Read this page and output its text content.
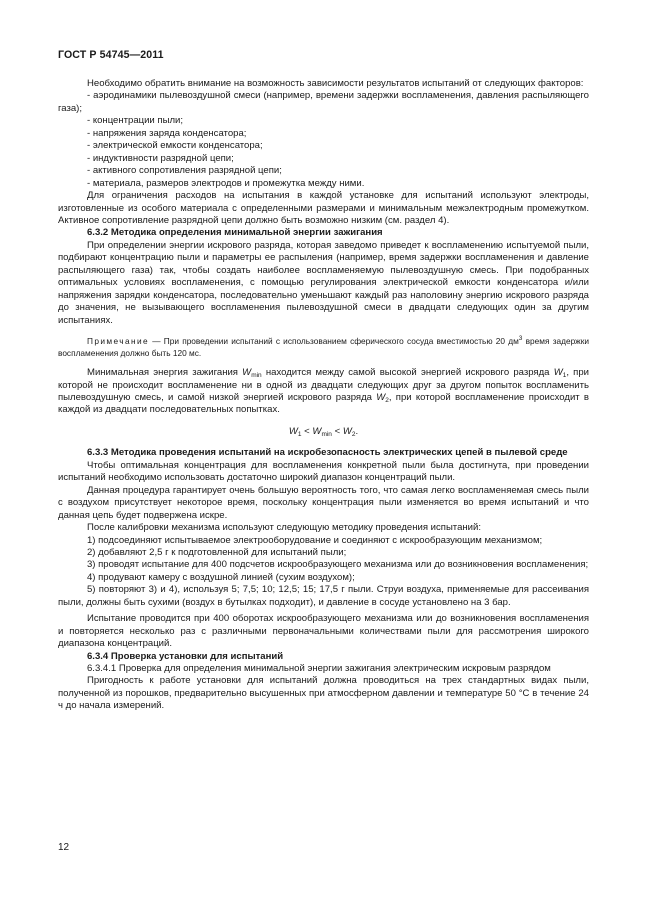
ГОСТ Р 54745—2011

Необходимо обратить внимание на возможность зависимости результатов испытаний от следующих факторов:

- аэродинамики пылевоздушной смеси (например, времени задержки воспламенения, давления распыляющего газа);

- концентрации пыли;

- напряжения заряда конденсатора;

- электрической емкости конденсатора;

- индуктивности разрядной цепи;

- активного сопротивления разрядной цепи;

- материала, размеров электродов и промежутка между ними.

Для ограничения расходов на испытания в каждой установке для испытаний используют электроды, изготовленные из особого материала с определенными размерами и минимальным межэлектродным промежутком. Активное сопротивление разрядной цепи должно быть возможно низким (см. раздел 4).

6.3.2 Методика определения минимальной энергии зажигания

При определении энергии искрового разряда, которая заведомо приведет к воспламенению испытуемой пыли, подбирают концентрацию пыли и параметры ее распыления (например, время задержки воспламенения и давление распыляющего газа) так, чтобы создать наиболее воспламеняемую пылевоздушную смесь. При подобранных оптимальных условиях воспламенения, с помощью регулирования электрической емкости конденсатора и/или напряжения зарядки конденсатора, последовательно уменьшают каждый раз наполовину энергию искрового разряда до значения, не вызывающего воспламенения пылевоздушной смеси в двадцати следующих один за другим испытаниях.

Примечание — При проведении испытаний с использованием сферического сосуда вместимостью 20 $дм^3$ время задержки воспламенения должно быть 120 мс.

Минимальная энергия зажигания $W_{min}$ находится между самой высокой энергией искрового разряда $W_1$, при которой не происходит воспламенение ни в одной из двадцати следующих друг за другом попыток воспламенить пылевоздушную смесь, и самой низкой энергией искрового разряда $W_2$, при которой воспламенение происходит в каждой из двадцати последовательных попытках.

$W_1 < W_{min} < W_2$.

6.3.3 Методика проведения испытаний на искробезопасность электрических цепей в пылевой среде

Чтобы оптимальная концентрация для воспламенения конкретной пыли была достигнута, при проведении испытаний необходимо использовать достаточно широкий диапазон концентраций пыли.

Данная процедура гарантирует очень большую вероятность того, что самая легко воспламеняемая смесь пыли с воздухом присутствует некоторое время, поскольку концентрация пыли изменяется во время испытаний и что данная цепь будет подвержена искре.

После калибровки механизма используют следующую методику проведения испытаний:

1) подсоединяют испытываемое электрооборудование и соединяют с искрообразующим механизмом;

2) добавляют 2,5 г к подготовленной для испытаний пыли;

3) проводят испытание для 400 подсчетов искрообразующего механизма или до возникновения воспламенения;

4) продувают камеру с воздушной линией (сухим воздухом);

5) повторяют 3) и 4), используя 5; 7,5; 10; 12,5; 15; 17,5 г пыли. Струи воздуха, применяемые для рассеивания пыли, должны быть сухими (воздух в бутылках подходит), и давление в сосуде установлено на 3 бар.

Испытание проводится при 400 оборотах искрообразующего механизма или до возникновения воспламенения и повторяется несколько раз с различными первоначальными количествами пыли для рассмотрения широкого диапазона концентраций.

6.3.4 Проверка установки для испытаний

6.3.4.1 Проверка для определения минимальной энергии зажигания электрическим искровым разрядом

Пригодность к работе установки для испытаний должна проводиться на трех стандартных видах пыли, полученной из порошков, предварительно высушенных при атмосферном давлении и температуре 50 °С в течение 24 ч до начала измерений.

12
